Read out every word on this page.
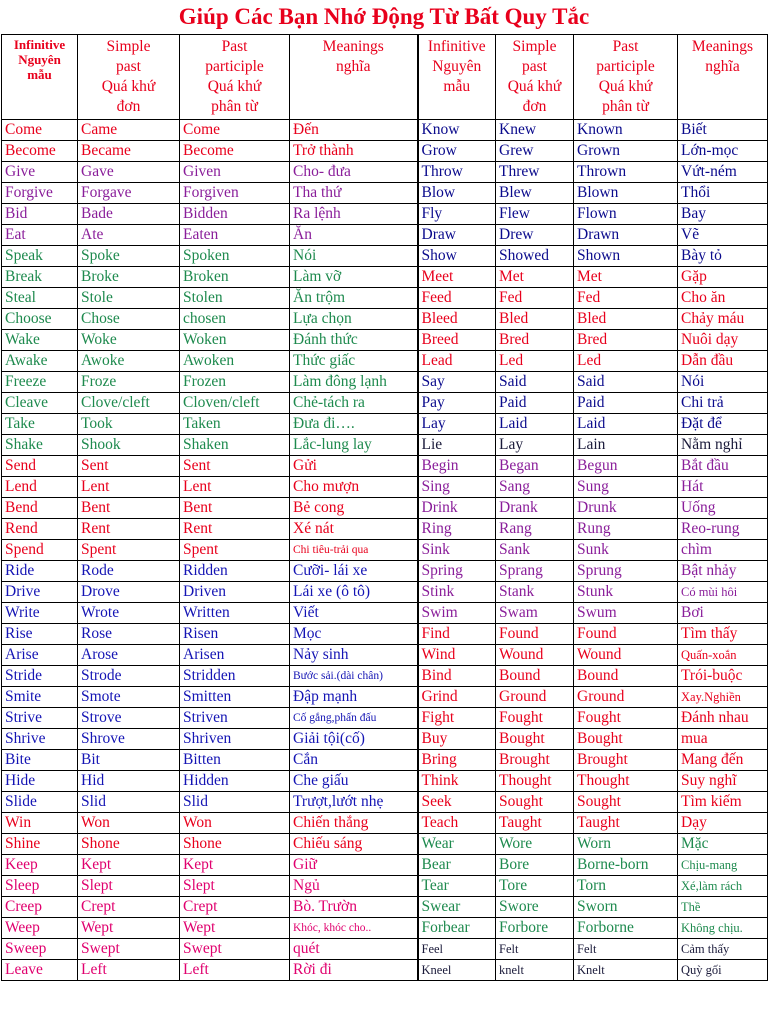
Giúp Các Bạn Nhớ Động Từ Bất Quy Tắc
Infinitive
Nguyên
mẫu	Simple
past
Quá khứ
đơn	Past
participle
Quá khứ
phân từ	Meanings
nghĩa	Infinitive
Nguyên
mẫu	Simple
past
Quá khứ
đơn	Past
participle
Quá khứ
phân từ	Meanings
nghĩa

Come	Came	Come	Đến	Know	Knew	Known	Biết
Become	Became	Become	Trở thành	Grow	Grew	Grown	Lớn-mọc
Give	Gave	Given	Cho- đưa	Throw	Threw	Thrown	Vứt-ném
Forgive	Forgave	Forgiven	Tha thứ	Blow	Blew	Blown	Thổi
Bid	Bade	Bidden	Ra lệnh	Fly	Flew	Flown	Bay
Eat	Ate	Eaten	Ăn	Draw	Drew	Drawn	Vẽ
Speak	Spoke	Spoken	Nói	Show	Showed	Shown	Bày tỏ
Break	Broke	Broken	Làm vỡ	Meet	Met	Met	Gặp
Steal	Stole	Stolen	Ăn trộm	Feed	Fed	Fed	Cho ăn
Choose	Chose	chosen	Lựa chọn	Bleed	Bled	Bled	Chảy máu
Wake	Woke	Woken	Đánh thức	Breed	Bred	Bred	Nuôi dạy
Awake	Awoke	Awoken	Thức giấc	Lead	Led	Led	Dẫn đầu
Freeze	Froze	Frozen	Làm đông lạnh	Say	Said	Said	Nói
Cleave	Clove/cleft	Cloven/cleft	Chẻ-tách ra	Pay	Paid	Paid	Chi trả
Take	Took	Taken	Đưa đi….	Lay	Laid	Laid	Đặt để
Shake	Shook	Shaken	Lắc-lung lay	Lie	Lay	Lain	Nằm nghỉ
Send	Sent	Sent	Gửi	Begin	Began	Begun	Bắt đầu
Lend	Lent	Lent	Cho mượn	Sing	Sang	Sung	Hát
Bend	Bent	Bent	Bẻ cong	Drink	Drank	Drunk	Uống
Rend	Rent	Rent	Xé nát	Ring	Rang	Rung	Reo-rung
Spend	Spent	Spent	Chi tiêu-trải qua	Sink	Sank	Sunk	chìm
Ride	Rode	Ridden	Cưỡi- lái xe	Spring	Sprang	Sprung	Bật nhảy
Drive	Drove	Driven	Lái xe (ô tô)	Stink	Stank	Stunk	Có mùi hôi
Write	Wrote	Written	Viết	Swim	Swam	Swum	Bơi
Rise	Rose	Risen	Mọc	Find	Found	Found	Tìm thấy
Arise	Arose	Arisen	Nảy sinh	Wind	Wound	Wound	Quấn-xoắn
Stride	Strode	Stridden	Bước sải.(dài chân)	Bind	Bound	Bound	Trói-buộc
Smite	Smote	Smitten	Đập mạnh	Grind	Ground	Ground	Xay.Nghiền
Strive	Strove	Striven	Cố gắng,phấn đấu	Fight	Fought	Fought	Đánh nhau
Shrive	Shrove	Shriven	Giải tội(cố)	Buy	Bought	Bought	mua
Bite	Bit	Bitten	Cắn	Bring	Brought	Brought	Mang đến
Hide	Hid	Hidden	Che giấu	Think	Thought	Thought	Suy nghĩ
Slide	Slid	Slid	Trượt,lướt nhẹ	Seek	Sought	Sought	Tìm kiếm
Win	Won	Won	Chiến thắng	Teach	Taught	Taught	Dạy
Shine	Shone	Shone	Chiếu sáng	Wear	Wore	Worn	Mặc
Keep	Kept	Kept	Giữ	Bear	Bore	Borne-born	Chịu-mang
Sleep	Slept	Slept	Ngủ	Tear	Tore	Torn	Xé,làm rách
Creep	Crept	Crept	Bò. Trườn	Swear	Swore	Sworn	Thề
Weep	Wept	Wept	Khóc, khóc cho..	Forbear	Forbore	Forborne	Không chịu.
Sweep	Swept	Swept	quét	Feel	Felt	Felt	Cảm thấy
Leave	Left	Left	Rời đi	Kneel	knelt	Knelt	Quỳ gối
